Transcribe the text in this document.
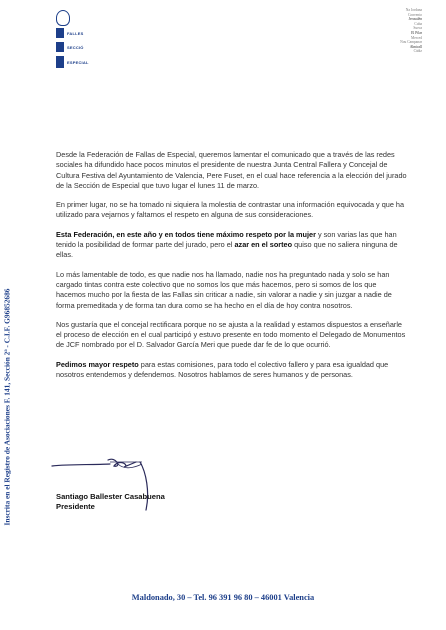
FALLES
SECCIÓ
ESPECIAL
Na Jordana
Convento
Jerusalén
Cuba
Sueca
El Pilar
Merced
Nou Campanar
Almirall
Cádiz
Inscrita en el Registro de Asociaciones F. 141, Sección 2ª - C.I.F. G96852686

Desde la Federación de Fallas de Especial, queremos lamentar el comunicado que a través de las redes sociales ha difundido hace pocos minutos el presidente de nuestra Junta Central Fallera y Concejal de Cultura Festiva del Ayuntamiento de Valencia, Pere Fuset, en el cual hace referencia a la elección del jurado de la Sección de Especial que tuvo lugar el lunes 11 de marzo.

En primer lugar, no se ha tomado ni siquiera la molestia de contrastar una información equivocada y que ha utilizado para vejarnos y faltarnos el respeto en alguna de sus consideraciones.

Esta Federación, en este año y en todos tiene máximo respeto por la mujer y son varias las que han tenido la posibilidad de formar parte del jurado, pero el azar en el sorteo quiso que no saliera ninguna de ellas.

Lo más lamentable de todo, es que nadie nos ha llamado, nadie nos ha preguntado nada y solo se han cargado tintas contra este colectivo que no somos los que más hacemos, pero si somos de los que hacemos mucho por la fiesta de las Fallas sin criticar a nadie, sin valorar a nadie y sin juzgar a nadie de forma premeditada y de forma tan dura como se ha hecho en el día de hoy contra nosotros.

Nos gustaría que el concejal rectificara porque no se ajusta a la realidad y estamos dispuestos a enseñarle el proceso de elección en el cual participó y estuvo presente en todo momento el Delegado de Monumentos de JCF nombrado por el D. Salvador García Meri que puede dar fe de lo que ocurrió.

Pedimos mayor respeto para estas comisiones, para todo el colectivo fallero y para esa igualdad que nosotros entendemos y defendemos. Nosotros hablamos de seres humanos y de personas.

Santiago Ballester Casabuena
Presidente
Maldonado, 30 – Tel. 96 391 96 80 – 46001 Valencia
